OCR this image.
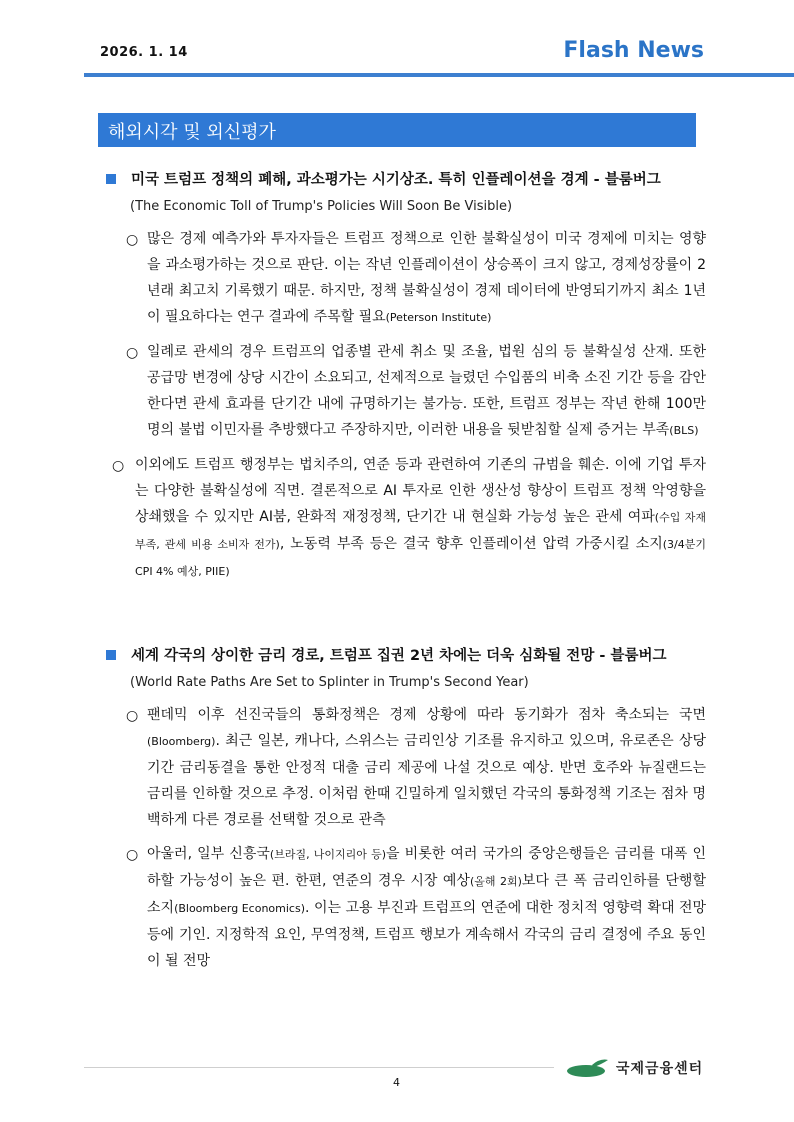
2026. 1. 14	Flash News
해외시각 및 외신평가
미국 트럼프 정책의 폐해, 과소평가는 시기상조. 특히 인플레이션을 경계 - 블룸버그
(The Economic Toll of Trump's Policies Will Soon Be Visible)
○ 많은 경제 예측가와 투자자들은 트럼프 정책으로 인한 불확실성이 미국 경제에 미치는 영향을 과소평가하는 것으로 판단. 이는 작년 인플레이션이 상승폭이 크지 않고, 경제성장률이 2년래 최고치 기록했기 때문. 하지만, 정책 불확실성이 경제 데이터에 반영되기까지 최소 1년이 필요하다는 연구 결과에 주목할 필요(Peterson Institute)
○ 일례로 관세의 경우 트럼프의 업종별 관세 취소 및 조율, 법원 심의 등 불확실성 산재. 또한 공급망 변경에 상당 시간이 소요되고, 선제적으로 늘렸던 수입품의 비축 소진 기간 등을 감안한다면 관세 효과를 단기간 내에 규명하기는 불가능. 또한, 트럼프 정부는 작년 한해 100만 명의 불법 이민자를 추방했다고 주장하지만, 이러한 내용을 뒷받침할 실제 증거는 부족(BLS)
○ 이외에도 트럼프 행정부는 법치주의, 연준 등과 관련하여 기존의 규범을 훼손. 이에 기업 투자는 다양한 불확실성에 직면. 결론적으로 AI 투자로 인한 생산성 향상이 트럼프 정책 악영향을 상쇄했을 수 있지만 AI붐, 완화적 재정정책, 단기간 내 현실화 가능성 높은 관세 여파(수입 자재 부족, 관세 비용 소비자 전가), 노동력 부족 등은 결국 향후 인플레이션 압력 가중시킬 소지(3/4분기 CPI 4% 예상, PIIE)
세계 각국의 상이한 금리 경로, 트럼프 집권 2년 차에는 더욱 심화될 전망 - 블룸버그
(World Rate Paths Are Set to Splinter in Trump's Second Year)
○ 팬데믹 이후 선진국들의 통화정책은 경제 상황에 따라 동기화가 점차 축소되는 국면(Bloomberg). 최근 일본, 캐나다, 스위스는 금리인상 기조를 유지하고 있으며, 유로존은 상당 기간 금리동결을 통한 안정적 대출 금리 제공에 나설 것으로 예상. 반면 호주와 뉴질랜드는 금리를 인하할 것으로 추정. 이처럼 한때 긴밀하게 일치했던 각국의 통화정책 기조는 점차 명백하게 다른 경로를 선택할 것으로 관측
○ 아울러, 일부 신흥국(브라질, 나이지리아 등)을 비롯한 여러 국가의 중앙은행들은 금리를 대폭 인하할 가능성이 높은 편. 한편, 연준의 경우 시장 예상(올해 2회)보다 큰 폭 금리인하를 단행할 소지(Bloomberg Economics). 이는 고용 부진과 트럼프의 연준에 대한 정치적 영향력 확대 전망 등에 기인. 지정학적 요인, 무역정책, 트럼프 행보가 계속해서 각국의 금리 결정에 주요 동인이 될 전망
4
국제금융센터
